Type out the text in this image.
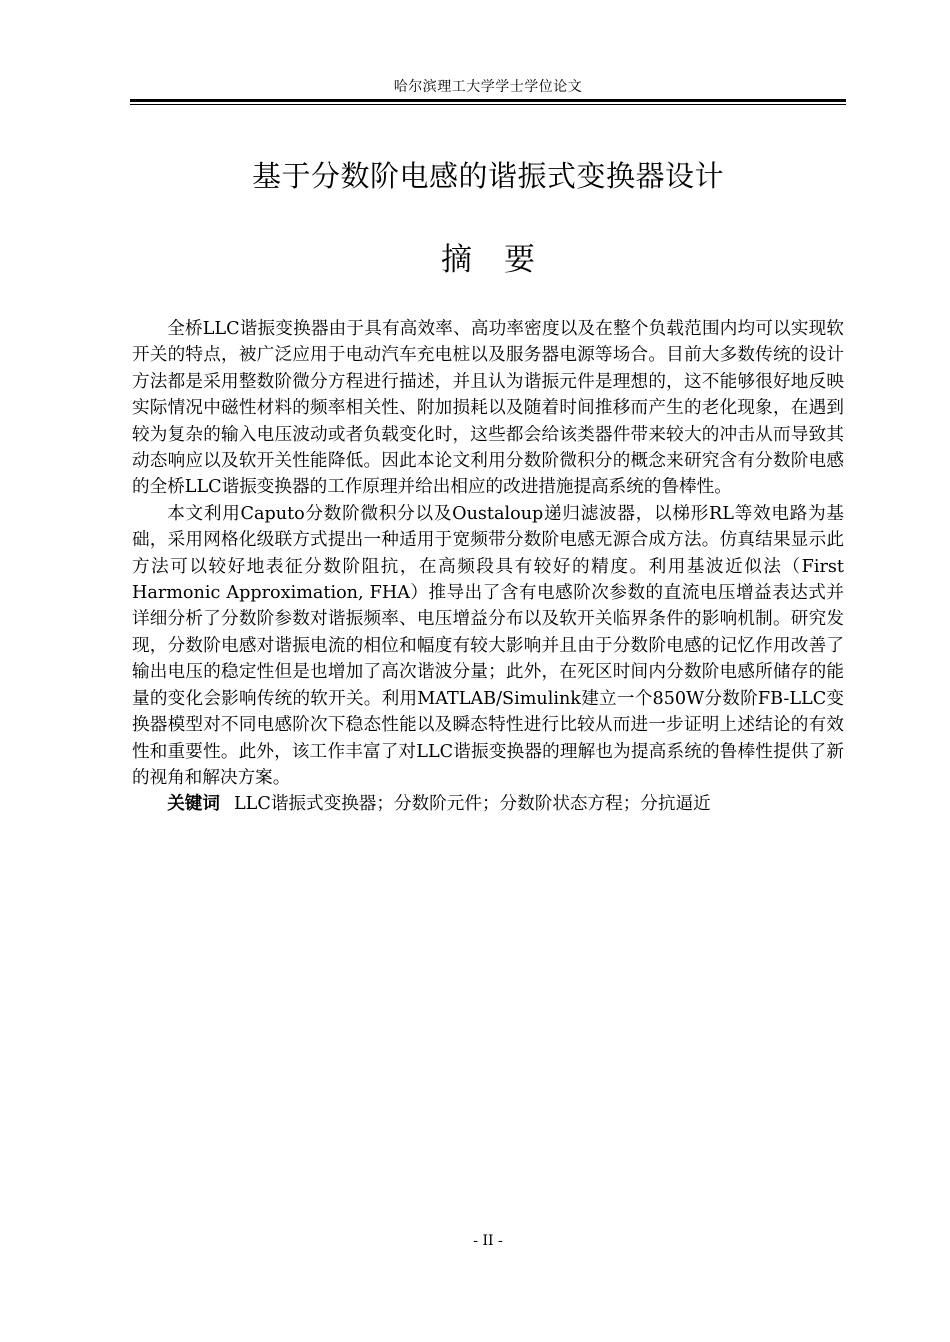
哈尔滨理工大学学士学位论文
基于分数阶电感的谐振式变换器设计
摘要

全桥LLC谐振变换器由于具有高效率、高功率密度以及在整个负载范围内均可以实现软开关的特点，被广泛应用于电动汽车充电桩以及服务器电源等场合。目前大多数传统的设计方法都是采用整数阶微分方程进行描述，并且认为谐振元件是理想的，这不能够很好地反映实际情况中磁性材料的频率相关性、附加损耗以及随着时间推移而产生的老化现象，在遇到较为复杂的输入电压波动或者负载变化时，这些都会给该类器件带来较大的冲击从而导致其动态响应以及软开关性能降低。因此本论文利用分数阶微积分的概念来研究含有分数阶电感的全桥LLC谐振变换器的工作原理并给出相应的改进措施提高系统的鲁棒性。

本文利用Caputo分数阶微积分以及Oustaloup递归滤波器，以梯形RL等效电路为基础，采用网格化级联方式提出一种适用于宽频带分数阶电感无源合成方法。仿真结果显示此方法可以较好地表征分数阶阻抗，在高频段具有较好的精度。利用基波近似法（First Harmonic Approximation, FHA）推导出了含有电感阶次参数的直流电压增益表达式并详细分析了分数阶参数对谐振频率、电压增益分布以及软开关临界条件的影响机制。研究发现，分数阶电感对谐振电流的相位和幅度有较大影响并且由于分数阶电感的记忆作用改善了输出电压的稳定性但是也增加了高次谐波分量；此外，在死区时间内分数阶电感所储存的能量的变化会影响传统的软开关。利用MATLAB/Simulink建立一个850W分数阶FB-LLC变换器模型对不同电感阶次下稳态性能以及瞬态特性进行比较从而进一步证明上述结论的有效性和重要性。此外，该工作丰富了对LLC谐振变换器的理解也为提高系统的鲁棒性提供了新的视角和解决方案。

关键词 LLC谐振式变换器；分数阶元件；分数阶状态方程；分抗逼近

- II -
